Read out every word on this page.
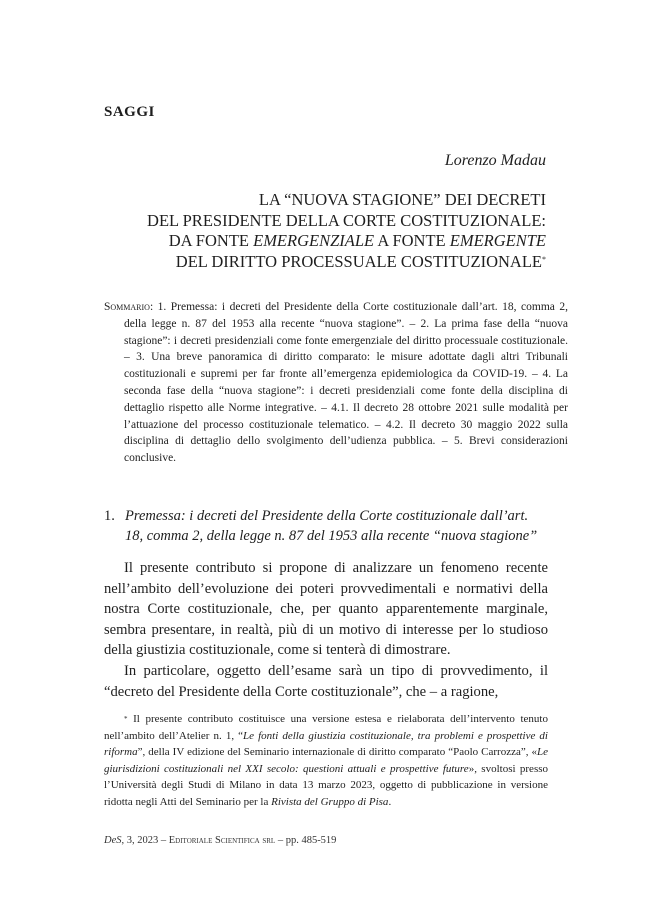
SAGGI
Lorenzo Madau
LA “NUOVA STAGIONE” DEI DECRETI
DEL PRESIDENTE DELLA CORTE COSTITUZIONALE:
DA FONTE EMERGENZIALE A FONTE EMERGENTE
DEL DIRITTO PROCESSUALE COSTITUZIONALE*
Sommario: 1. Premessa: i decreti del Presidente della Corte costituzionale dall’art. 18, comma 2, della legge n. 87 del 1953 alla recente “nuova stagione”. – 2. La prima fase della “nuova stagione”: i decreti presidenziali come fonte emergenziale del diritto processuale costituzionale. – 3. Una breve panoramica di diritto comparato: le misure adottate dagli altri Tribunali costituzionali e supremi per far fronte all’emergenza epidemiologica da COVID-19. – 4. La seconda fase della “nuova stagione”: i decreti presidenziali come fonte della disciplina di dettaglio rispetto alle Norme integrative. – 4.1. Il decreto 28 ottobre 2021 sulle modalità per l’attuazione del processo costituzionale telematico. – 4.2. Il decreto 30 maggio 2022 sulla disciplina di dettaglio dello svolgimento dell’udienza pubblica. – 5. Brevi considerazioni conclusive.
1. Premessa: i decreti del Presidente della Corte costituzionale dall’art. 18, comma 2, della legge n. 87 del 1953 alla recente “nuova stagione”

Il presente contributo si propone di analizzare un fenomeno recente nell’ambito dell’evoluzione dei poteri provvedimentali e normativi della nostra Corte costituzionale, che, per quanto apparentemente marginale, sembra presentare, in realtà, più di un motivo di interesse per lo studioso della giustizia costituzionale, come si tenterà di dimostrare.

In particolare, oggetto dell’esame sarà un tipo di provvedimento, il “decreto del Presidente della Corte costituzionale”, che – a ragione,

* Il presente contributo costituisce una versione estesa e rielaborata dell’intervento tenuto nell’ambito dell’Atelier n. 1, “Le fonti della giustizia costituzionale, tra problemi e prospettive di riforma”, della IV edizione del Seminario internazionale di diritto comparato “Paolo Carrozza”, «Le giurisdizioni costituzionali nel XXI secolo: questioni attuali e prospettive future», svoltosi presso l’Università degli Studi di Milano in data 13 marzo 2023, oggetto di pubblicazione in versione ridotta negli Atti del Seminario per la Rivista del Gruppo di Pisa.

DeS, 3, 2023 – Editoriale Scientifica srl – pp. 485-519
